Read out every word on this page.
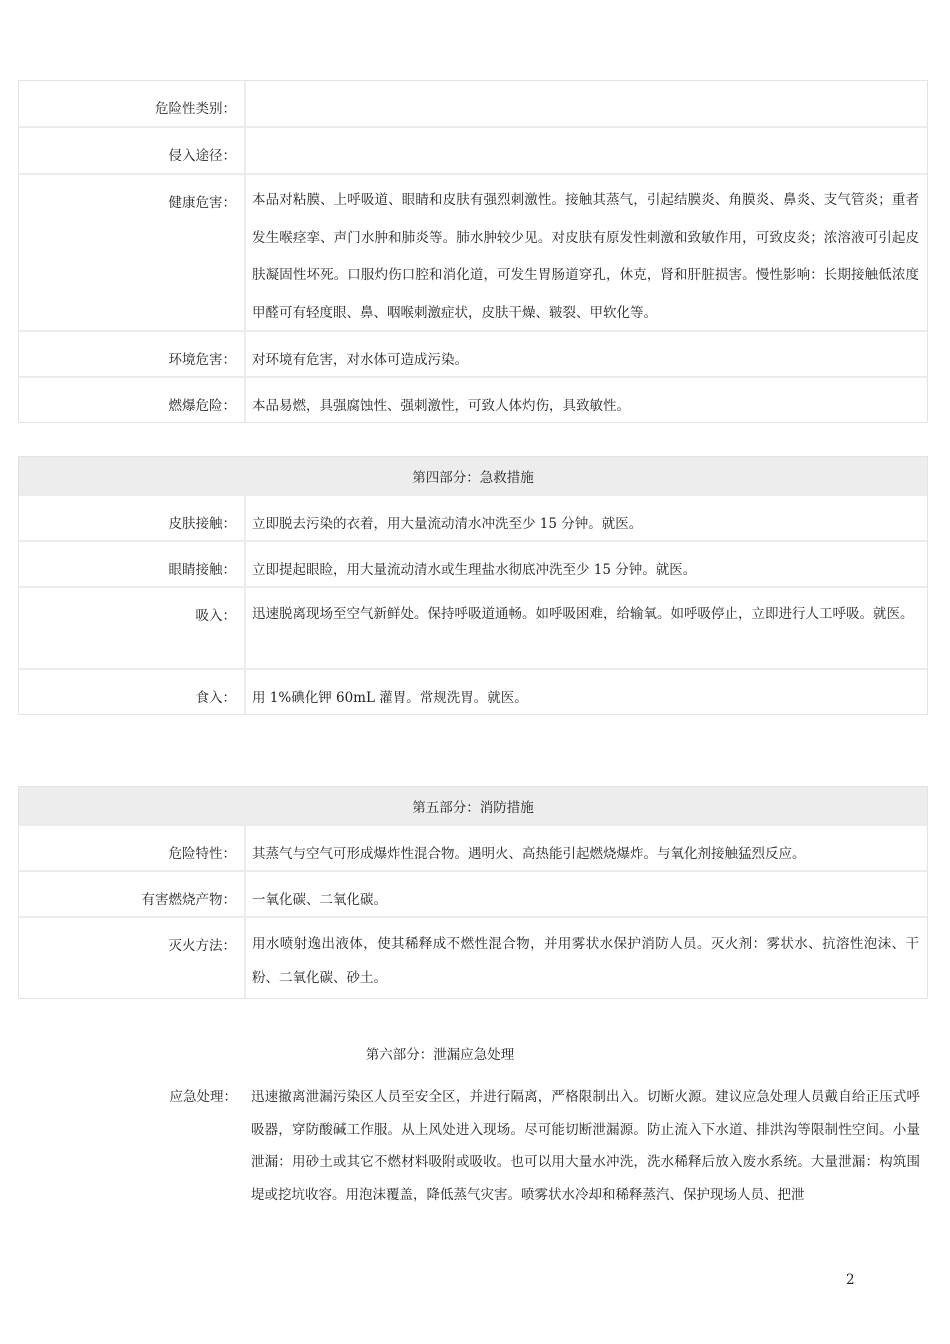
危险性类别：
侵入途径：
健康危害：	本品对粘膜、上呼吸道、眼睛和皮肤有强烈刺激性。接触其蒸气，引起结膜炎、角膜炎、鼻炎、支气管炎；重者发生喉痉挛、声门水肿和肺炎等。肺水肿较少见。对皮肤有原发性刺激和致敏作用，可致皮炎；浓溶液可引起皮肤凝固性坏死。口服灼伤口腔和消化道，可发生胃肠道穿孔，休克，肾和肝脏损害。慢性影响：长期接触低浓度甲醛可有轻度眼、鼻、咽喉刺激症状，皮肤干燥、皲裂、甲软化等。
环境危害：	对环境有危害，对水体可造成污染。
燃爆危险：	本品易燃，具强腐蚀性、强刺激性，可致人体灼伤，具致敏性。
第四部分：急救措施
皮肤接触：	立即脱去污染的衣着，用大量流动清水冲洗至少 15 分钟。就医。
眼睛接触：	立即提起眼睑，用大量流动清水或生理盐水彻底冲洗至少 15 分钟。就医。
吸入：	迅速脱离现场至空气新鲜处。保持呼吸道通畅。如呼吸困难，给输氧。如呼吸停止，立即进行人工呼吸。就医。
食入：	用 1%碘化钾 60mL 灌胃。常规洗胃。就医。
第五部分：消防措施
危险特性：	其蒸气与空气可形成爆炸性混合物。遇明火、高热能引起燃烧爆炸。与氧化剂接触猛烈反应。
有害燃烧产物：	一氧化碳、二氧化碳。
灭火方法：	用水喷射逸出液体，使其稀释成不燃性混合物，并用雾状水保护消防人员。灭火剂：雾状水、抗溶性泡沫、干粉、二氧化碳、砂土。
第六部分：泄漏应急处理
应急处理：	迅速撤离泄漏污染区人员至安全区，并进行隔离，严格限制出入。切断火源。建议应急处理人员戴自给正压式呼吸器，穿防酸碱工作服。从上风处进入现场。尽可能切断泄漏源。防止流入下水道、排洪沟等限制性空间。小量泄漏：用砂土或其它不燃材料吸附或吸收。也可以用大量水冲洗，洗水稀释后放入废水系统。大量泄漏：构筑围堤或挖坑收容。用泡沫覆盖，降低蒸气灾害。喷雾状水冷却和稀释蒸汽、保护现场人员、把泄
2
